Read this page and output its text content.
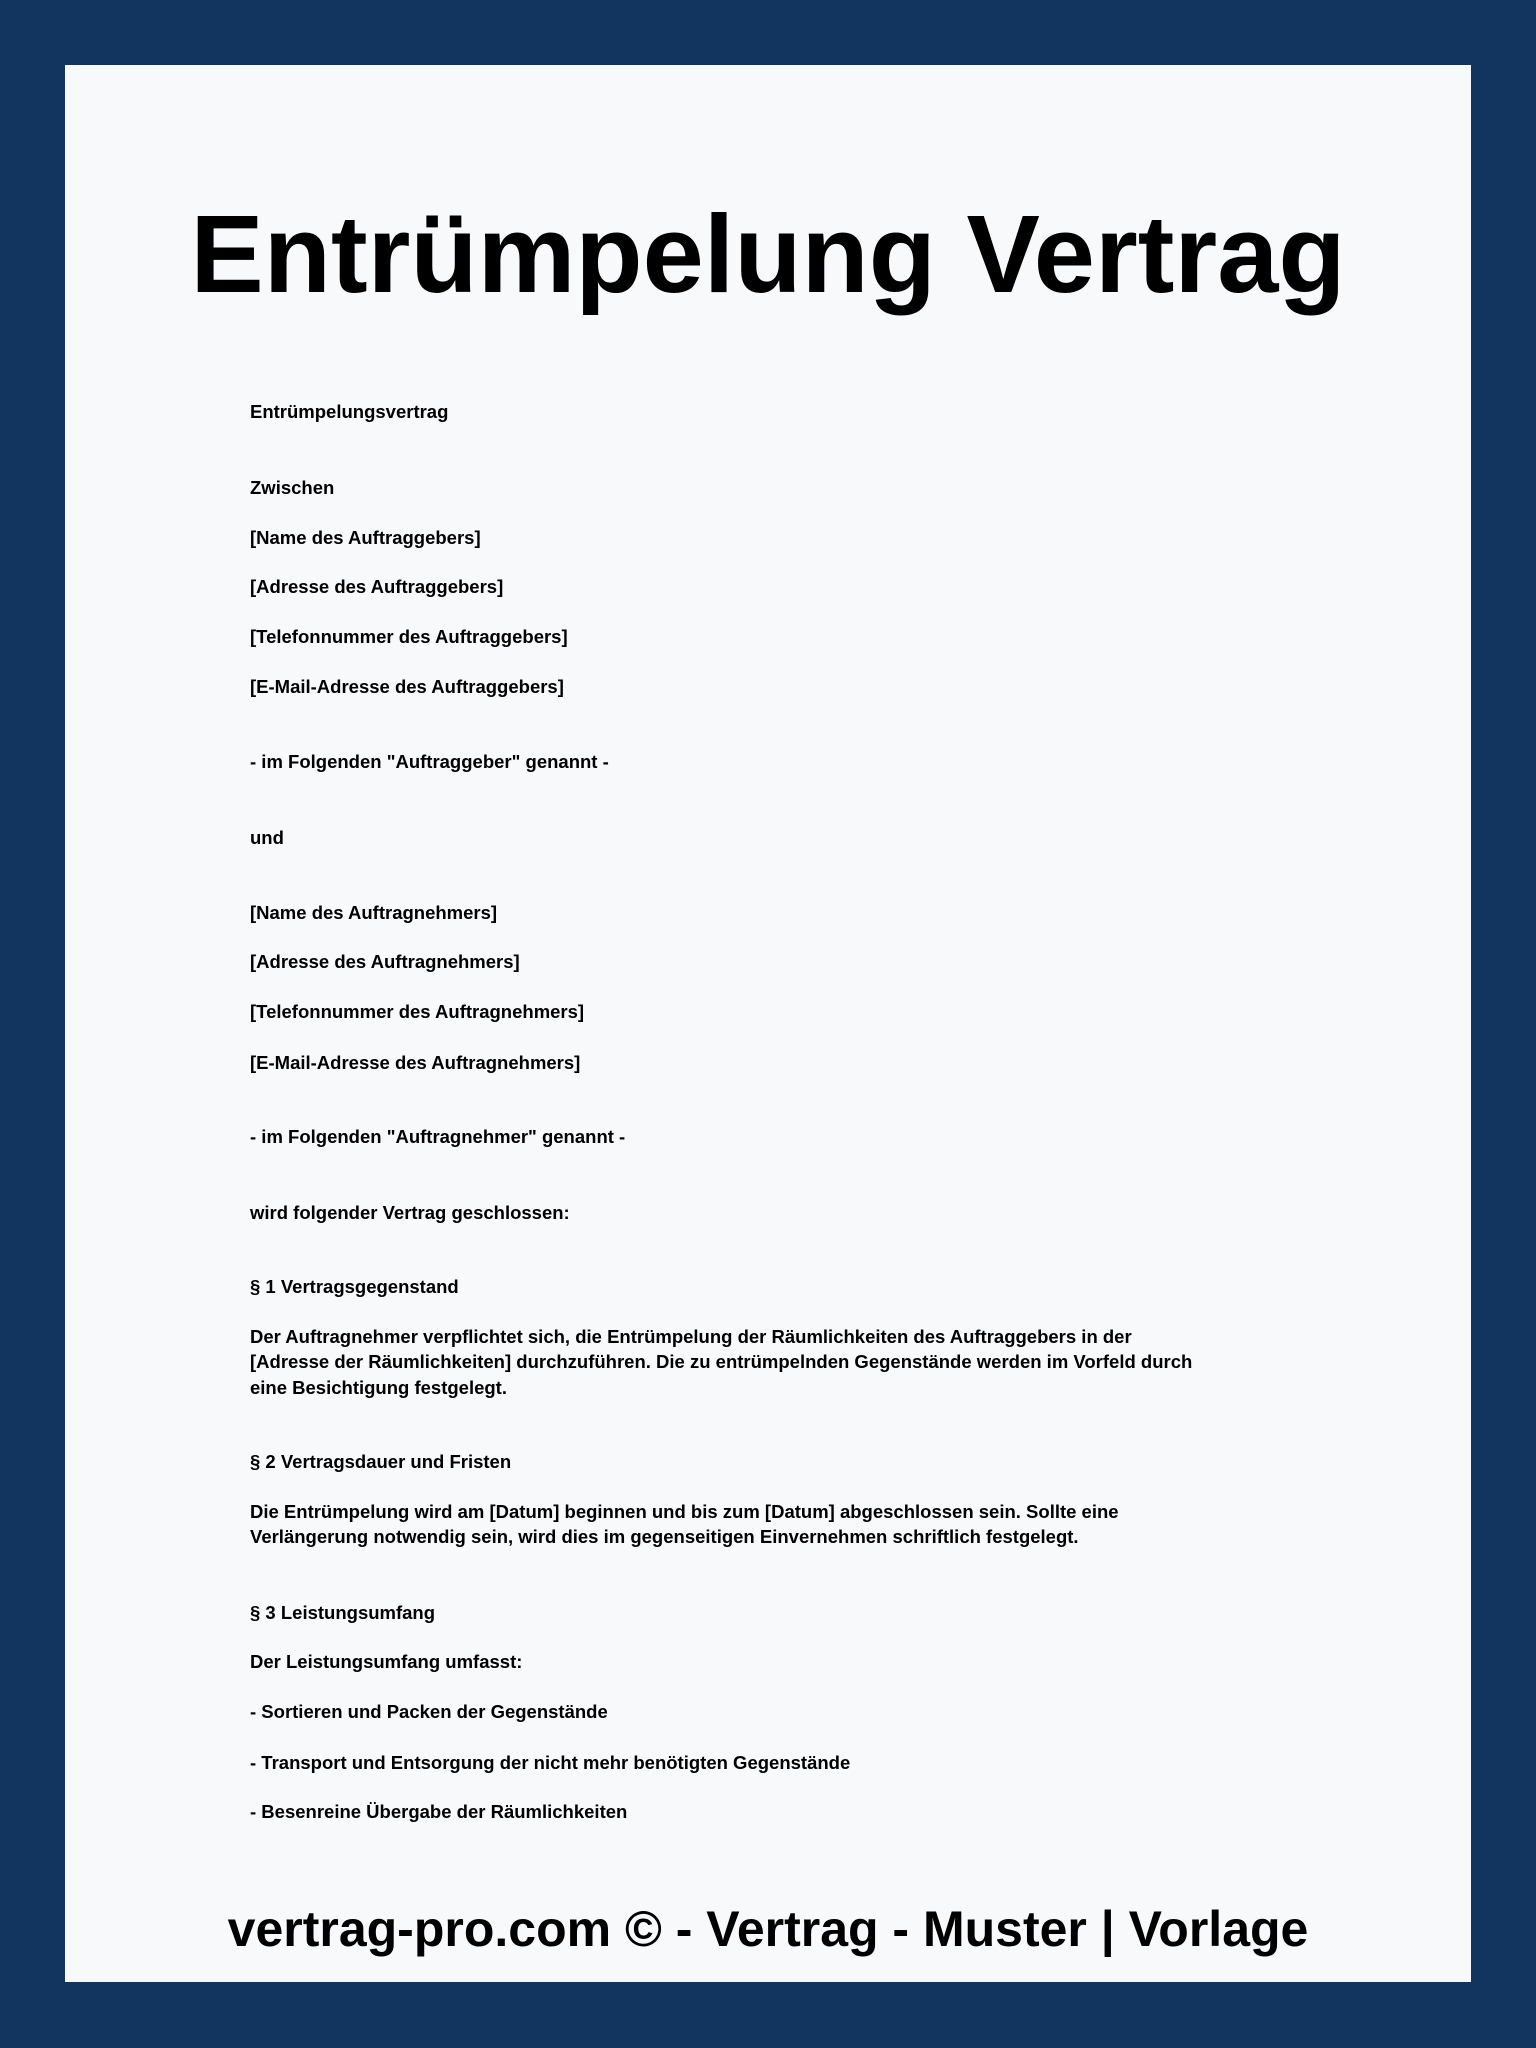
Entrümpelung Vertrag
Entrümpelungsvertrag
Zwischen
[Name des Auftraggebers]
[Adresse des Auftraggebers]
[Telefonnummer des Auftraggebers]
[E-Mail-Adresse des Auftraggebers]
- im Folgenden "Auftraggeber" genannt -
und
[Name des Auftragnehmers]
[Adresse des Auftragnehmers]
[Telefonnummer des Auftragnehmers]
[E-Mail-Adresse des Auftragnehmers]
- im Folgenden "Auftragnehmer" genannt -
wird folgender Vertrag geschlossen:
§ 1 Vertragsgegenstand
Der Auftragnehmer verpflichtet sich, die Entrümpelung der Räumlichkeiten des Auftraggebers in der
[Adresse der Räumlichkeiten] durchzuführen. Die zu entrümpelnden Gegenstände werden im Vorfeld durch
eine Besichtigung festgelegt.
§ 2 Vertragsdauer und Fristen
Die Entrümpelung wird am [Datum] beginnen und bis zum [Datum] abgeschlossen sein. Sollte eine
Verlängerung notwendig sein, wird dies im gegenseitigen Einvernehmen schriftlich festgelegt.
§ 3 Leistungsumfang
Der Leistungsumfang umfasst:
- Sortieren und Packen der Gegenstände
- Transport und Entsorgung der nicht mehr benötigten Gegenstände
- Besenreine Übergabe der Räumlichkeiten
vertrag-pro.com © - Vertrag - Muster | Vorlage
